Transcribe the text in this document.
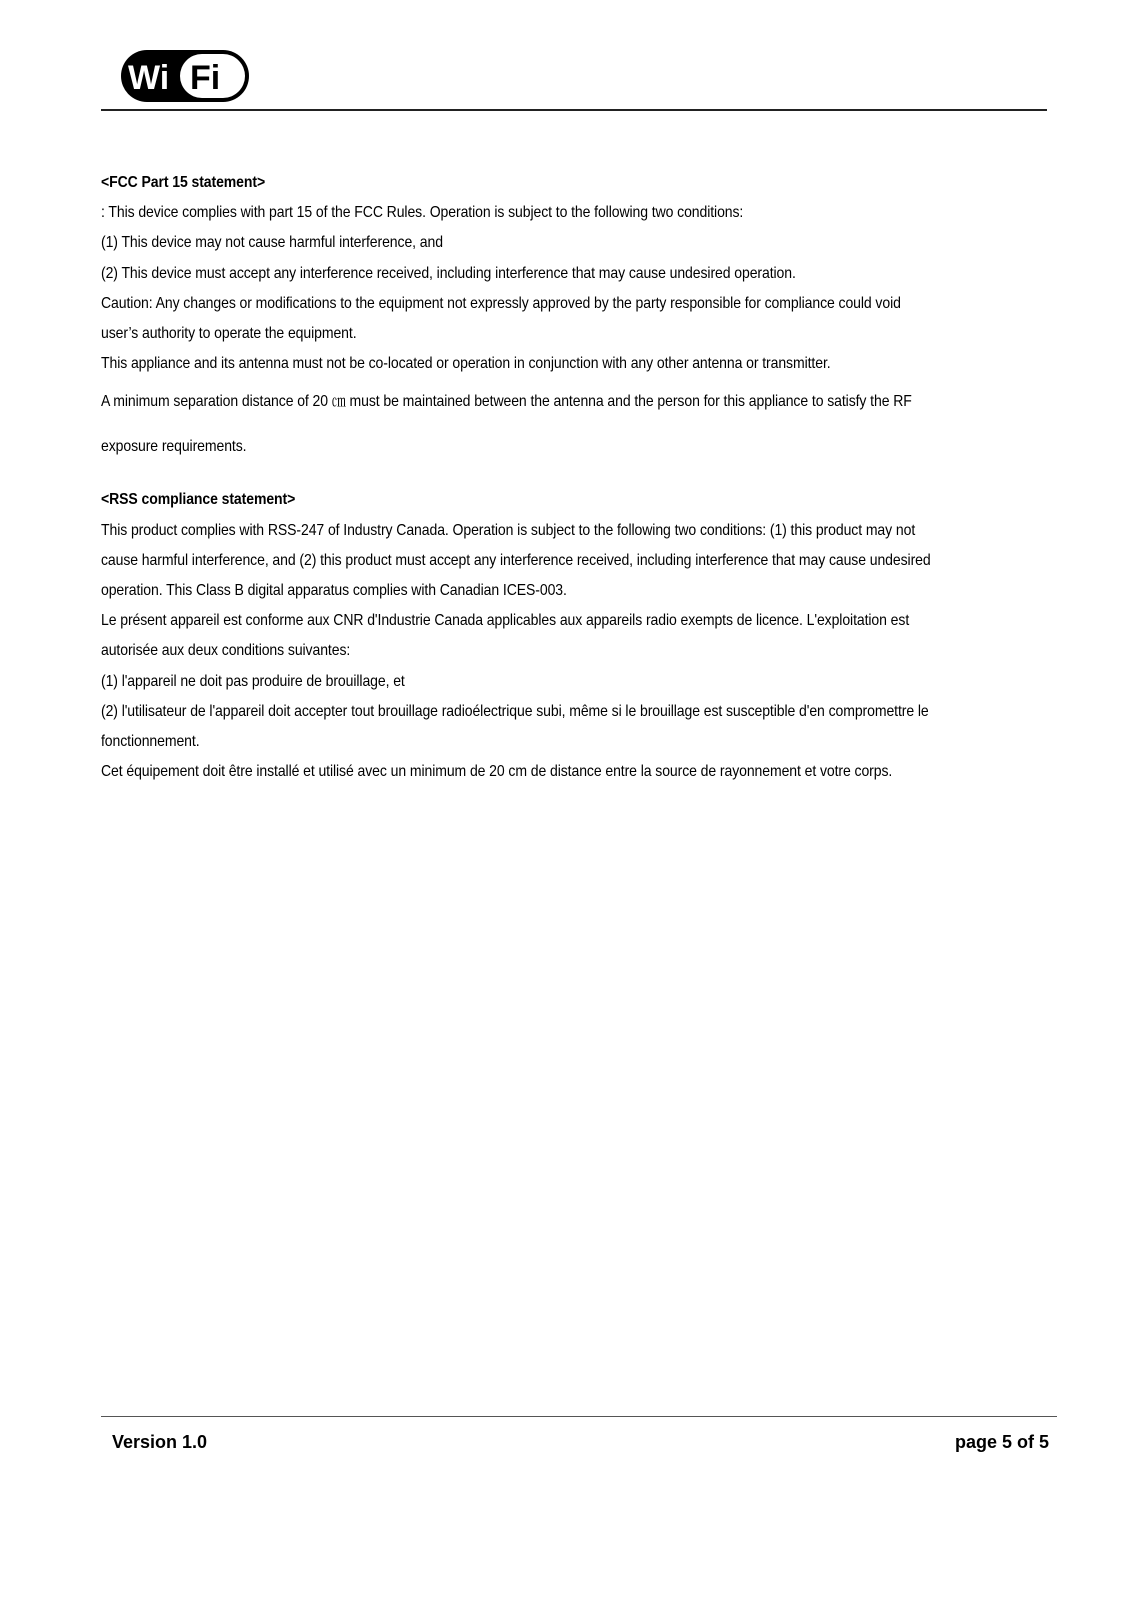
Wi Fi
<FCC Part 15 statement>
: This device complies with part 15 of the FCC Rules. Operation is subject to the following two conditions:
(1) This device may not cause harmful interference, and
(2) This device must accept any interference received, including interference that may cause undesired operation.
Caution: Any changes or modifications to the equipment not expressly approved by the party responsible for compliance could void
user’s authority to operate the equipment.
This appliance and its antenna must not be co-located or operation in conjunction with any other antenna or transmitter.
A minimum separation distance of 20 ㎝ must be maintained between the antenna and the person for this appliance to satisfy the RF
exposure requirements.
<RSS compliance statement>
This product complies with RSS-247 of Industry Canada. Operation is subject to the following two conditions: (1) this product may not
cause harmful interference, and (2) this product must accept any interference received, including interference that may cause undesired
operation. This Class B digital apparatus complies with Canadian ICES-003.
Le présent appareil est conforme aux CNR d'Industrie Canada applicables aux appareils radio exempts de licence. L'exploitation est
autorisée aux deux conditions suivantes:
(1) l'appareil ne doit pas produire de brouillage, et
(2) l'utilisateur de l'appareil doit accepter tout brouillage radioélectrique subi, même si le brouillage est susceptible d'en compromettre le
fonctionnement.
Cet équipement doit être installé et utilisé avec un minimum de 20 cm de distance entre la source de rayonnement et votre corps.
Version 1.0	page 5 of 5
